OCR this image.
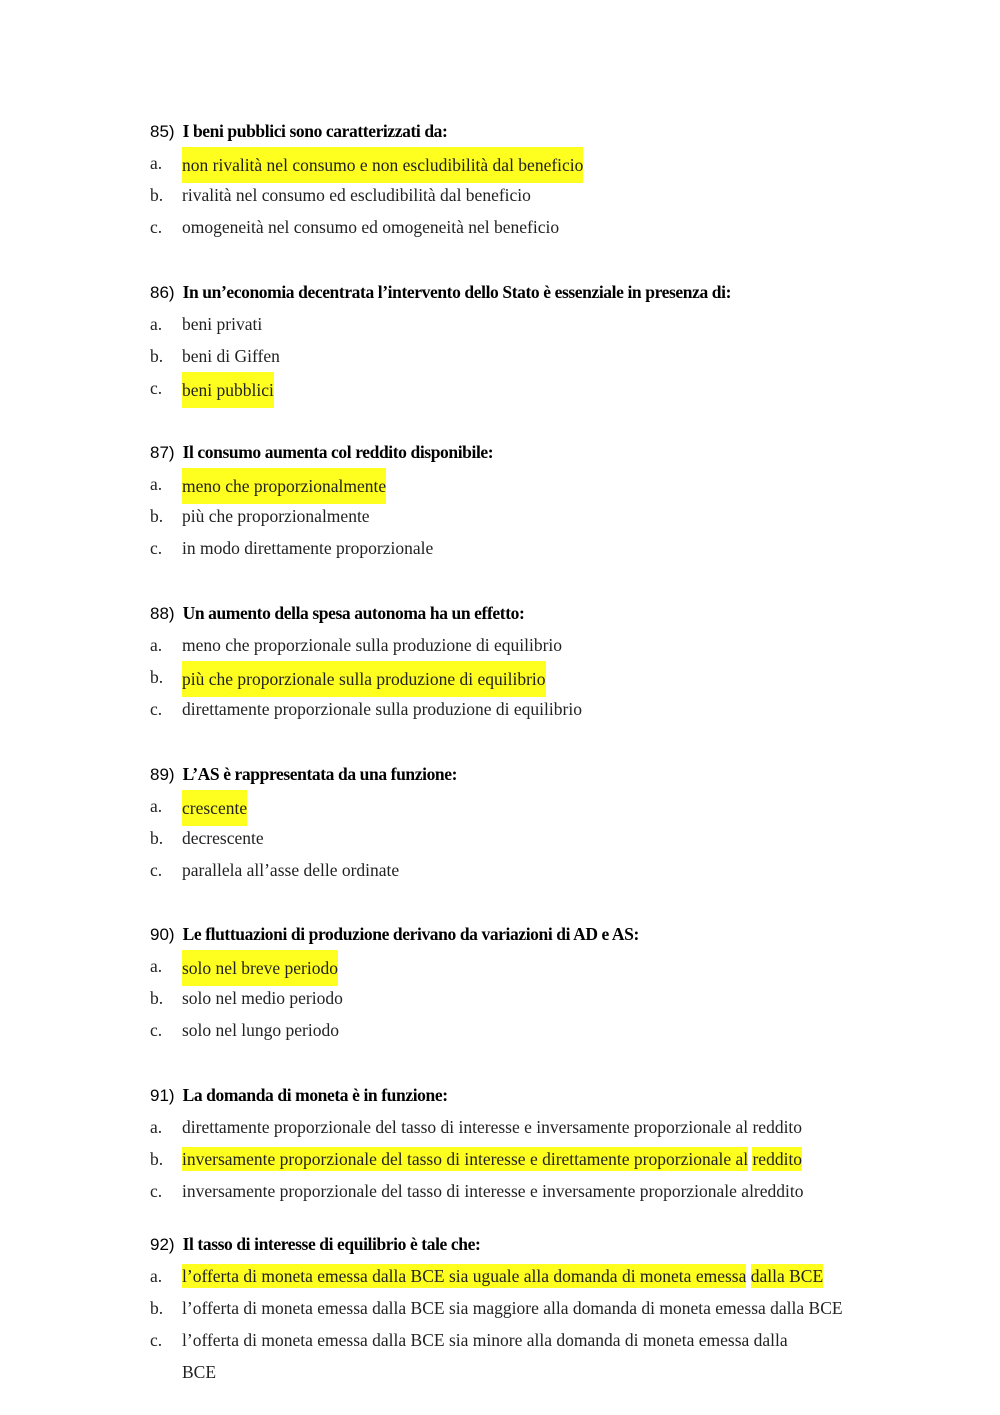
85) I beni pubblici sono caratterizzati da:
a.	non rivalità nel consumo e non escludibilità dal beneficio
b.	rivalità nel consumo ed escludibilità dal beneficio
c.	omogeneità nel consumo ed omogeneità nel beneficio
86) In un’economia decentrata l’intervento dello Stato è essenziale in presenza di:
a.	beni privati
b.	beni di Giffen
c.	beni pubblici
87) Il consumo aumenta col reddito disponibile:
a.	meno che proporzionalmente
b.	più che proporzionalmente
c.	in modo direttamente proporzionale
88) Un aumento della spesa autonoma ha un effetto:
a.	meno che proporzionale sulla produzione di equilibrio
b.	più che proporzionale sulla produzione di equilibrio
c.	direttamente proporzionale sulla produzione di equilibrio
89) L’AS è rappresentata da una funzione:
a.	crescente
b.	decrescente
c.	parallela all’asse delle ordinate
90) Le fluttuazioni di produzione derivano da variazioni di AD e AS:
a.	solo nel breve periodo
b.	solo nel medio periodo
c.	solo nel lungo periodo
91) La domanda di moneta è in funzione:
a.	direttamente proporzionale del tasso di interesse e inversamente proporzionale al reddito
b.	inversamente proporzionale del tasso di interesse e direttamente proporzionale al reddito
c.	inversamente proporzionale del tasso di interesse e inversamente proporzionale alreddito
92) Il tasso di interesse di equilibrio è tale che:
a.	l’offerta di moneta emessa dalla BCE sia uguale alla domanda di moneta emessa dalla BCE
b.	l’offerta di moneta emessa dalla BCE sia maggiore alla domanda di moneta emessa dalla BCE
c.	l’offerta di moneta emessa dalla BCE sia minore alla domanda di moneta emessa dalla
BCE
